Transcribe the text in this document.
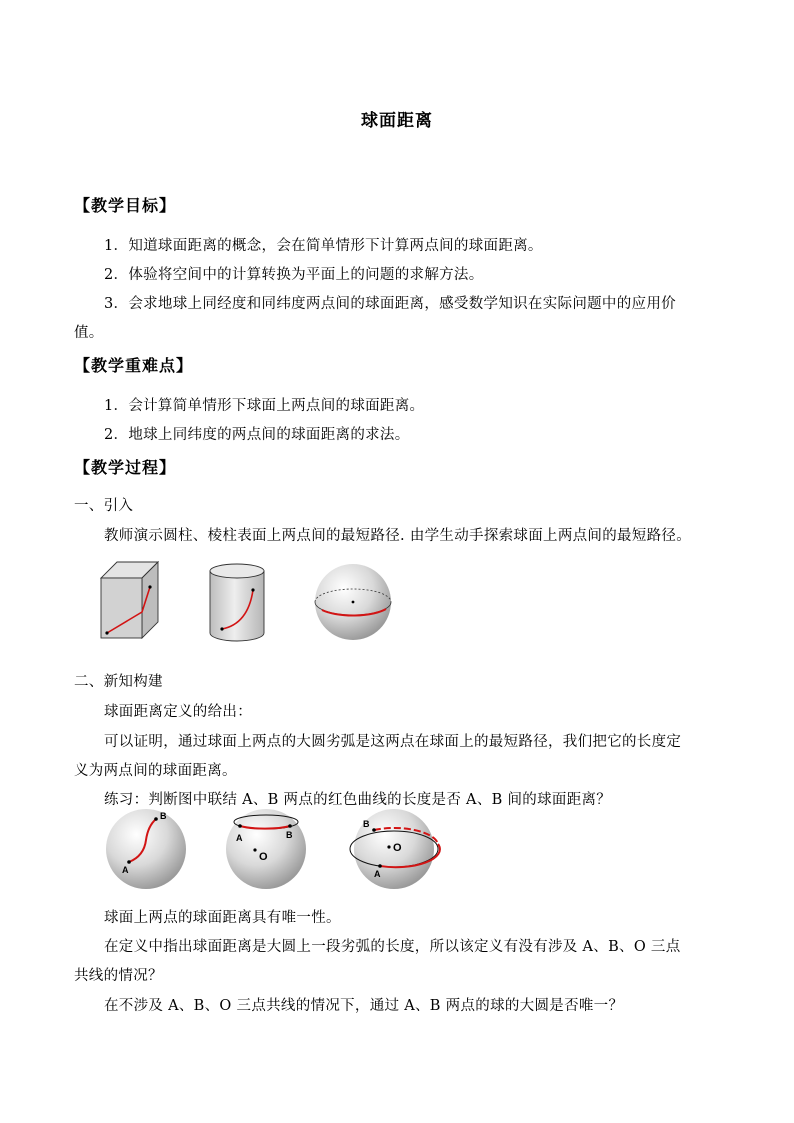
球面距离
【教学目标】
1．知道球面距离的概念，会在简单情形下计算两点间的球面距离。
2．体验将空间中的计算转换为平面上的问题的求解方法。
3．会求地球上同经度和同纬度两点间的球面距离，感受数学知识在实际问题中的应用价
值。
【教学重难点】
1．会计算简单情形下球面上两点间的球面距离。
2．地球上同纬度的两点间的球面距离的求法。
【教学过程】
一、引入
教师演示圆柱、棱柱表面上两点间的最短路径. 由学生动手探索球面上两点间的最短路径。
二、新知构建
球面距离定义的给出：
可以证明，通过球面上两点的大圆劣弧是这两点在球面上的最短路径，我们把它的长度定
义为两点间的球面距离。
练习：判断图中联结 A、B 两点的红色曲线的长度是否 A、B 间的球面距离？
B
A
A	B
O
B
A
O
球面上两点的球面距离具有唯一性。
在定义中指出球面距离是大圆上一段劣弧的长度，所以该定义有没有涉及 A、B、O 三点
共线的情况？
在不涉及 A、B、O 三点共线的情况下，通过 A、B 两点的球的大圆是否唯一？
